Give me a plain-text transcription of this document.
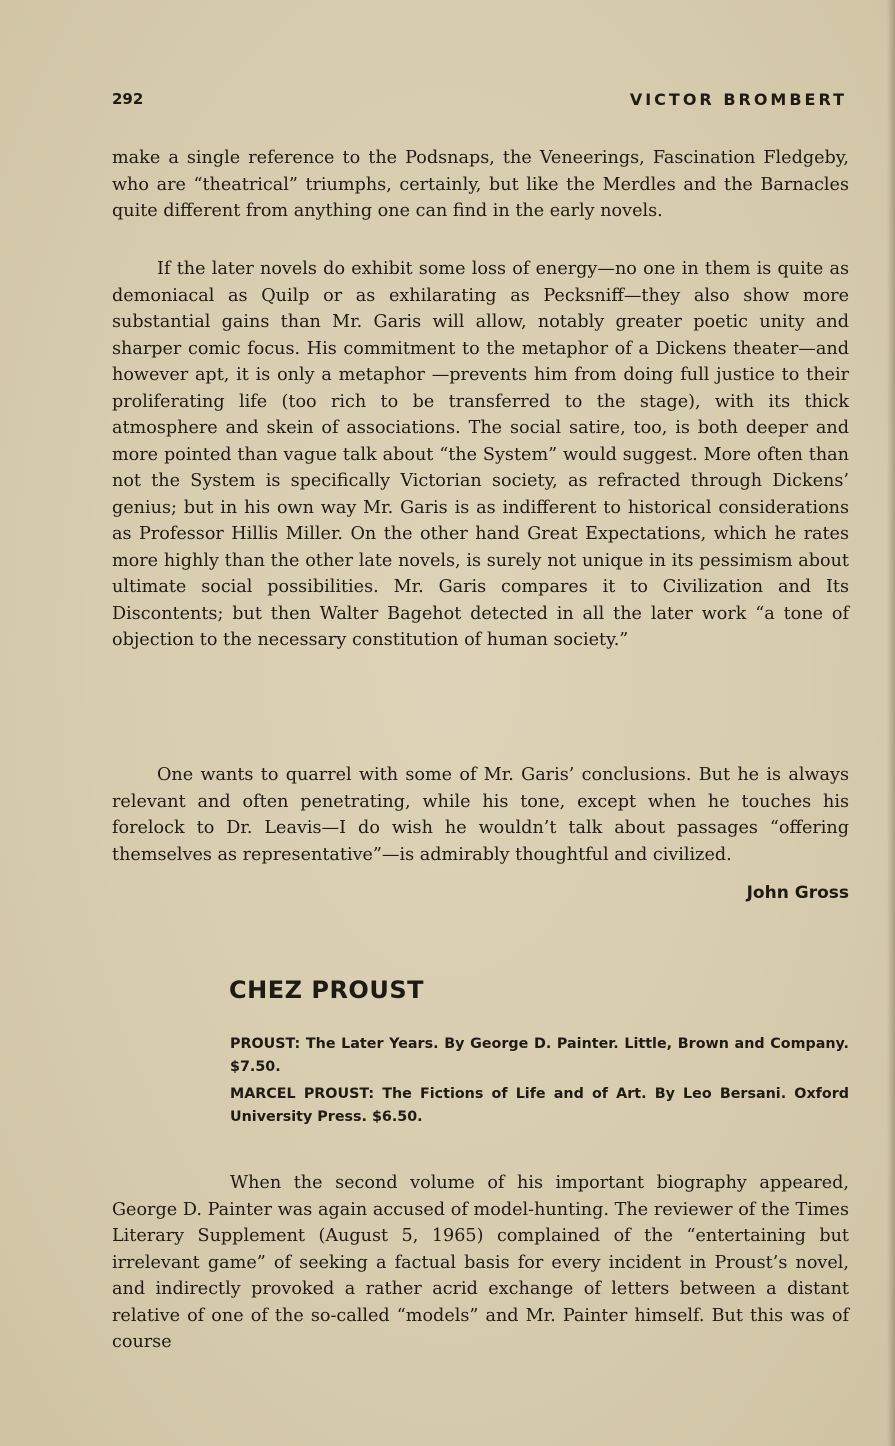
292	VICTOR BROMBERT

make a single reference to the Podsnaps, the Veneerings, Fascination Fledgeby, who are “theatrical” triumphs, certainly, but like the Merdles and the Barnacles quite different from anything one can find in the early novels.

If the later novels do exhibit some loss of energy—no one in them is quite as demoniacal as Quilp or as exhilarating as Pecksniff—they also show more substantial gains than Mr. Garis will allow, notably greater poetic unity and sharper comic focus. His commitment to the metaphor of a Dickens theater—and however apt, it is only a metaphor —prevents him from doing full justice to their proliferating life (too rich to be transferred to the stage), with its thick atmosphere and skein of associations. The social satire, too, is both deeper and more pointed than vague talk about “the System” would suggest. More often than not the System is specifically Victorian society, as refracted through Dickens’ genius; but in his own way Mr. Garis is as indifferent to historical considerations as Professor Hillis Miller. On the other hand Great Expectations, which he rates more highly than the other late novels, is surely not unique in its pessimism about ultimate social possibilities. Mr. Garis compares it to Civilization and Its Discontents; but then Walter Bagehot detected in all the later work “a tone of objection to the necessary constitution of human society.”

One wants to quarrel with some of Mr. Garis’ conclusions. But he is always relevant and often penetrating, while his tone, except when he touches his forelock to Dr. Leavis—I do wish he wouldn’t talk about passages “offering themselves as representative”—is admirably thoughtful and civilized.

John Gross
CHEZ PROUST
PROUST: The Later Years. By George D. Painter. Little, Brown and Company. $7.50.
MARCEL PROUST: The Fictions of Life and of Art. By Leo Bersani. Oxford University Press. $6.50.

When the second volume of his important biography appeared, George D. Painter was again accused of model-hunting. The reviewer of the Times Literary Supplement (August 5, 1965) complained of the “entertaining but irrelevant game” of seeking a factual basis for every incident in Proust’s novel, and indirectly provoked a rather acrid exchange of letters between a distant relative of one of the so-called “models” and Mr. Painter himself. But this was of course
